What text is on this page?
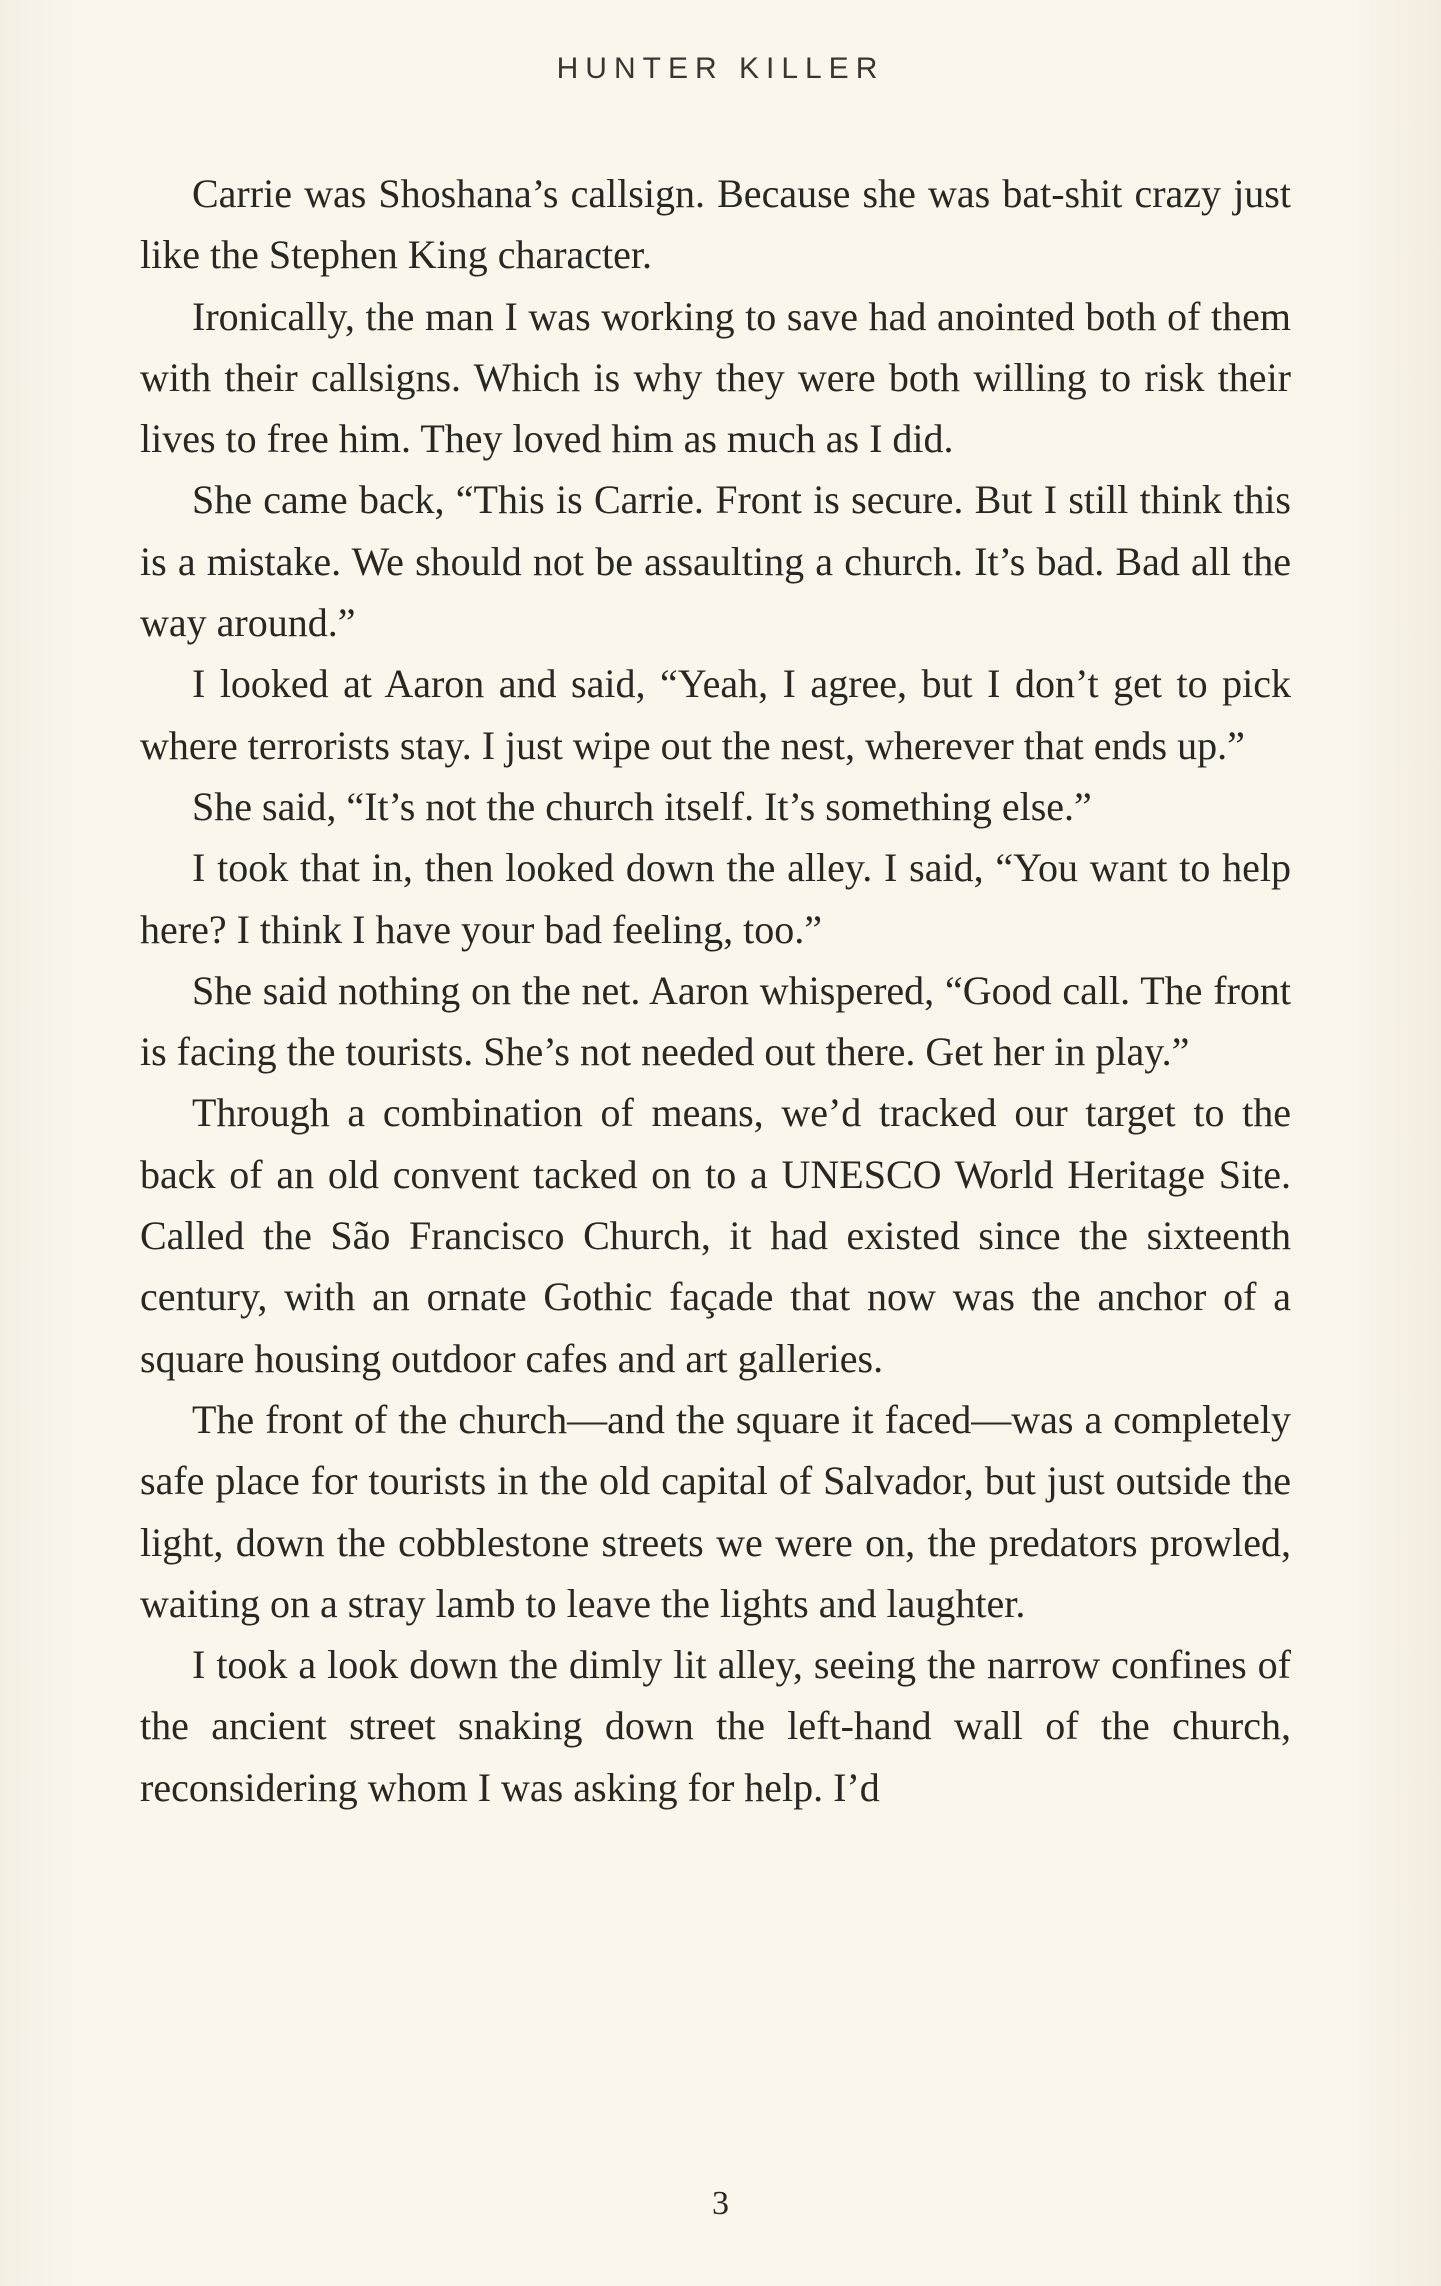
HUNTER KILLER

Carrie was Shoshana’s callsign. Because she was bat-shit crazy just like the Stephen King character.

Ironically, the man I was working to save had anointed both of them with their callsigns. Which is why they were both willing to risk their lives to free him. They loved him as much as I did.

She came back, “This is Carrie. Front is secure. But I still think this is a mistake. We should not be assaulting a church. It’s bad. Bad all the way around.”

I looked at Aaron and said, “Yeah, I agree, but I don’t get to pick where terrorists stay. I just wipe out the nest, wherever that ends up.”

She said, “It’s not the church itself. It’s something else.”

I took that in, then looked down the alley. I said, “You want to help here? I think I have your bad feeling, too.”

She said nothing on the net. Aaron whispered, “Good call. The front is facing the tourists. She’s not needed out there. Get her in play.”

Through a combination of means, we’d tracked our target to the back of an old convent tacked on to a UNESCO World Heritage Site. Called the São Francisco Church, it had existed since the sixteenth century, with an ornate Gothic façade that now was the anchor of a square housing outdoor cafes and art galleries.

The front of the church—and the square it faced—was a completely safe place for tourists in the old capital of Salvador, but just outside the light, down the cobblestone streets we were on, the predators prowled, waiting on a stray lamb to leave the lights and laughter.

I took a look down the dimly lit alley, seeing the narrow confines of the ancient street snaking down the left-hand wall of the church, reconsidering whom I was asking for help. I’d

3
